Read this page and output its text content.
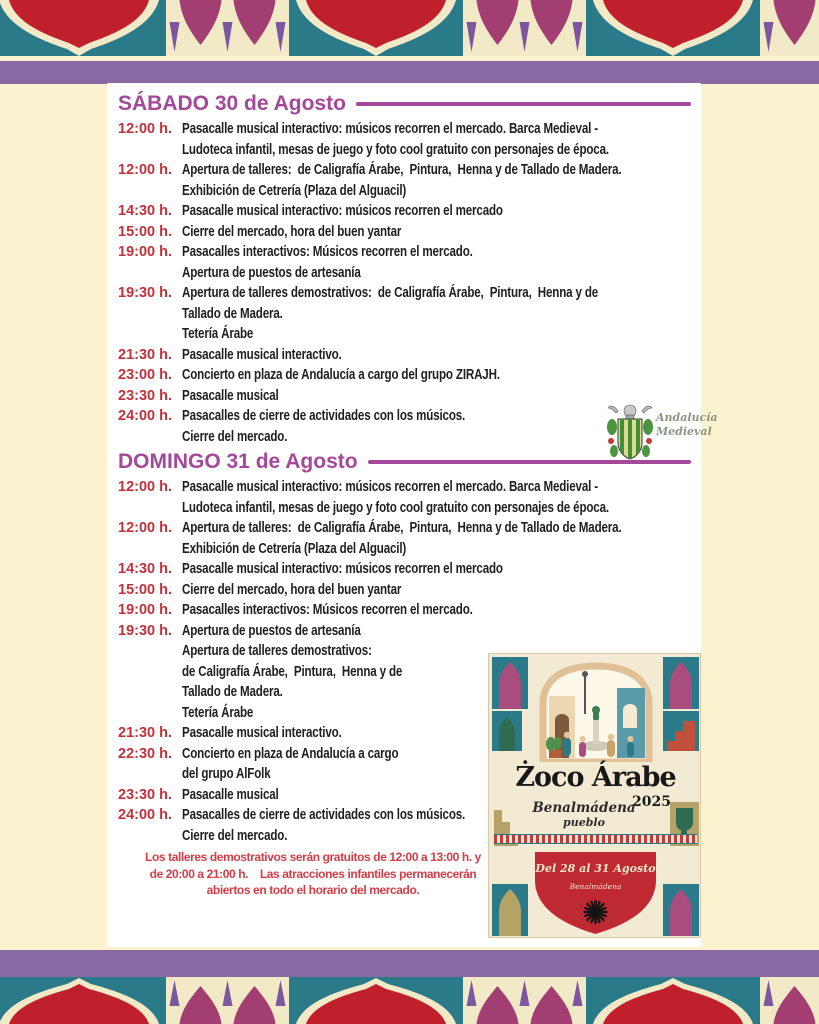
SÁBADO 30 de Agosto
12:00 h. Pasacalle musical interactivo: músicos recorren el mercado. Barca Medieval -
Ludoteca infantil, mesas de juego y foto cool gratuito con personajes de época.
12:00 h. Apertura de talleres:  de Caligrafía Árabe,  Pintura,  Henna y de Tallado de Madera.
Exhibición de Cetrería (Plaza del Alguacil)
14:30 h. Pasacalle musical interactivo: músicos recorren el mercado
15:00 h. Cierre del mercado, hora del buen yantar
19:00 h. Pasacalles interactivos: Músicos recorren el mercado.
Apertura de puestos de artesanía
19:30 h. Apertura de talleres demostrativos:  de Caligrafía Árabe,  Pintura,  Henna y de
Tallado de Madera.
Tetería Árabe
21:30 h. Pasacalle musical interactivo.
23:00 h. Concierto en plaza de Andalucía a cargo del grupo ZIRAJH.
23:30 h. Pasacalle musical
24:00 h. Pasacalles de cierre de actividades con los músicos.
Cierre del mercado.
DOMINGO 31 de Agosto
12:00 h. Pasacalle musical interactivo: músicos recorren el mercado. Barca Medieval -
Ludoteca infantil, mesas de juego y foto cool gratuito con personajes de época.
12:00 h. Apertura de talleres:  de Caligrafía Árabe,  Pintura,  Henna y de Tallado de Madera.
Exhibición de Cetrería (Plaza del Alguacil)
14:30 h. Pasacalle musical interactivo: músicos recorren el mercado
15:00 h. Cierre del mercado, hora del buen yantar
19:00 h. Pasacalles interactivos: Músicos recorren el mercado.
19:30 h. Apertura de puestos de artesanía
Apertura de talleres demostrativos:
de Caligrafía Árabe,  Pintura,  Henna y de
Tallado de Madera.
Tetería Árabe
21:30 h. Pasacalle musical interactivo.
22:30 h. Concierto en plaza de Andalucía a cargo
del grupo AlFolk
23:30 h. Pasacalle musical
24:00 h. Pasacalles de cierre de actividades con los músicos.
Cierre del mercado.
Los talleres demostrativos serán gratuitos de 12:00 a 13:00 h. y
de 20:00 a 21:00 h.    Las atracciones infantiles permanecerán
abiertos en todo el horario del mercado.
Andalucía
Medieval
Żoco Árabe
2025
Benalmádena
pueblo
Del 28 al 31 Agosto
Benalmádena
